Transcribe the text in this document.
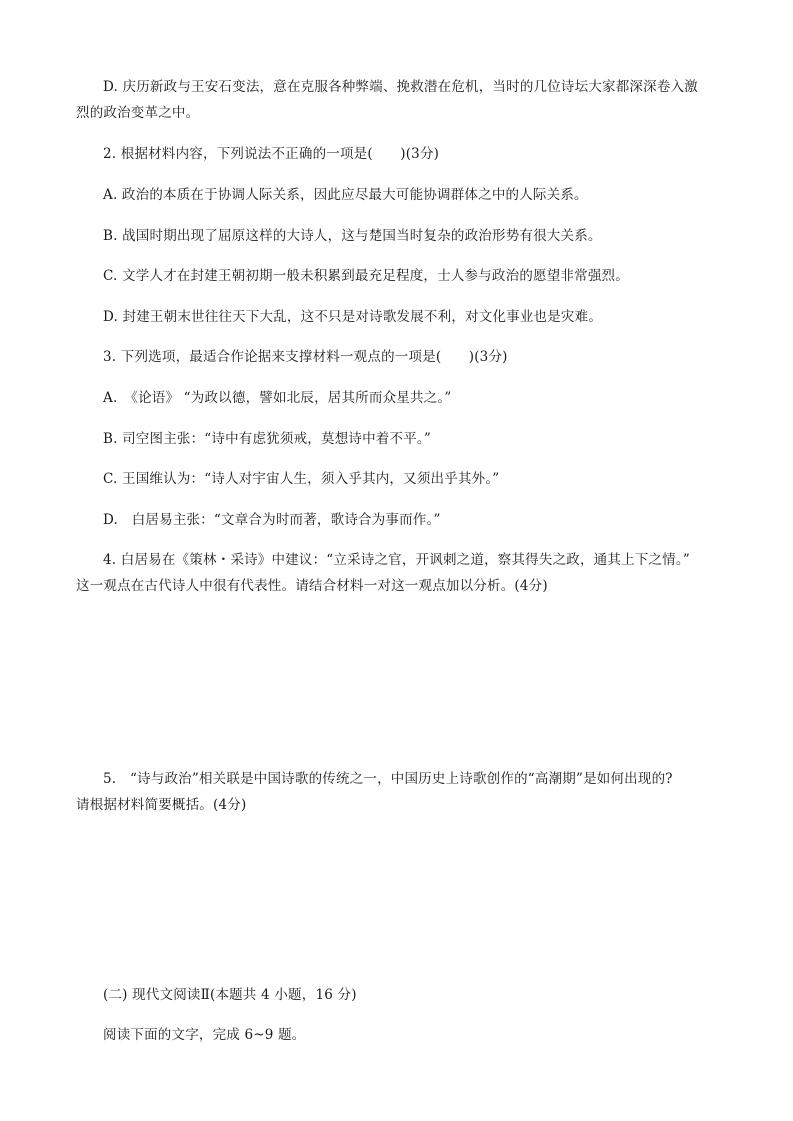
D. 庆历新政与王安石变法，意在克服各种弊端、挽救潜在危机，当时的几位诗坛大家都深深卷入激
烈的政治变革之中。
2. 根据材料内容，下列说法不正确的一项是(　　)(3分)
A. 政治的本质在于协调人际关系，因此应尽最大可能协调群体之中的人际关系。
B. 战国时期出现了屈原这样的大诗人，这与楚国当时复杂的政治形势有很大关系。
C. 文学人才在封建王朝初期一般未积累到最充足程度，士人参与政治的愿望非常强烈。
D. 封建王朝末世往往天下大乱，这不只是对诗歌发展不利，对文化事业也是灾难。
3. 下列选项，最适合作论据来支撑材料一观点的一项是(　　)(3分)
A.　《论语》 “为政以德，譬如北辰，居其所而众星共之。”
B. 司空图主张：“诗中有虑犹须戒，莫想诗中着不平。”
C. 王国维认为：“诗人对宇宙人生，须入乎其内，又须出乎其外。”
D.　白居易主张：“文章合为时而著，歌诗合为事而作。”
4. 白居易在《策林・采诗》中建议：“立采诗之官，开讽刺之道，察其得失之政，通其上下之情。”
这一观点在古代诗人中很有代表性。请结合材料一对这一观点加以分析。(4分)
5.　“诗与政治”相关联是中国诗歌的传统之一，中国历史上诗歌创作的“高潮期”是如何出现的?
请根据材料简要概括。(4分)
(二) 现代文阅读Ⅱ(本题共 4 小题，16 分)
阅读下面的文字，完成 6~9 题。
